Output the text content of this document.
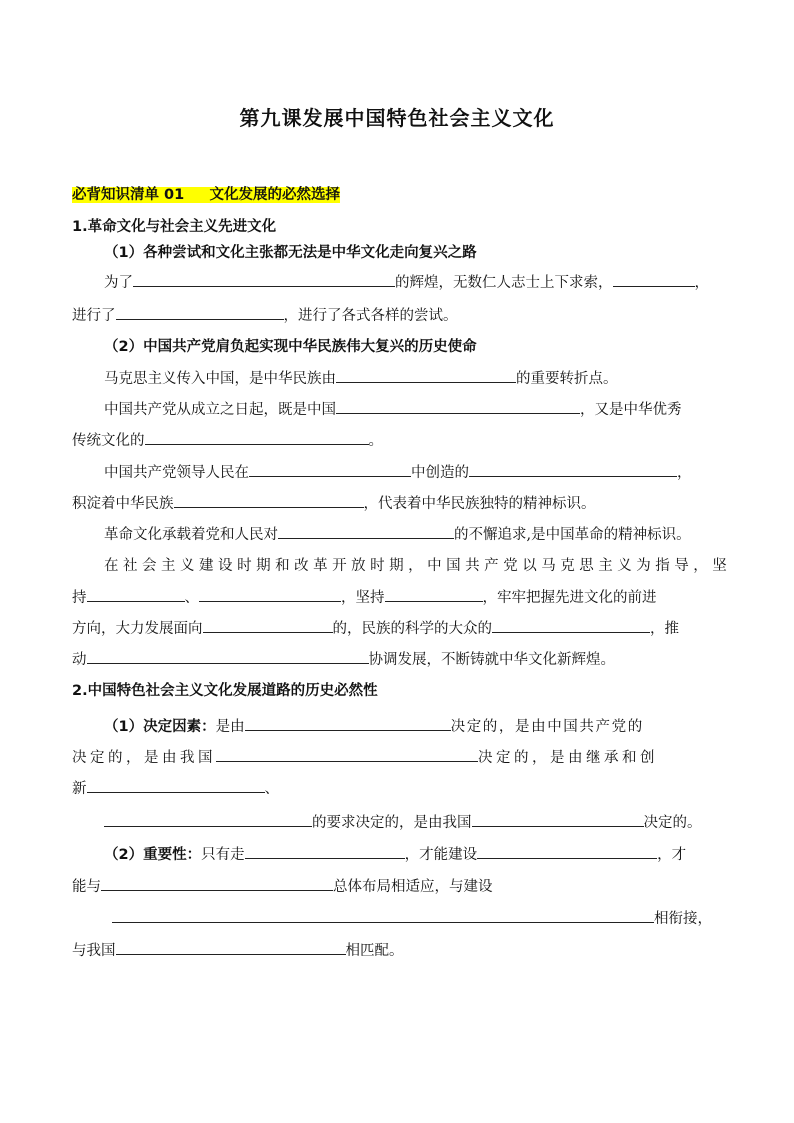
第九课发展中国特色社会主义文化
必背知识清单 01 文化发展的必然选择
1.革命文化与社会主义先进文化
（1）各种尝试和文化主张都无法是中华文化走向复兴之路
为了	的辉煌，无数仁人志士上下求索，	，
进行了	，进行了各式各样的尝试。
（2）中国共产党肩负起实现中华民族伟大复兴的历史使命
马克思主义传入中国，是中华民族由	的重要转折点。
中国共产党从成立之日起，既是中国	，又是中华优秀
传统文化的	。
中国共产党领导人民在	中创造的	，
积淀着中华民族	，代表着中华民族独特的精神标识。
革命文化承载着党和人民对	的不懈追求,是中国革命的精神标识。
在社会主义建设时期和改革开放时期，中国共产党以马克思主义为指导，坚
持	、	，坚持	，牢牢把握先进文化的前进
方向，大力发展面向	的，民族的科学的大众的	，推
动	协调发展，不断铸就中华文化新辉煌。
2.中国特色社会主义文化发展道路的历史必然性
（1）决定因素：是由	决定的，是由中国共产党的
决定的，是由我国	决定的，是由继承和创
新	、
的要求决定的，是由我国	决定的。
（2）重要性：只有走	，才能建设	，才
能与	总体布局相适应，与建设
相衔接，
与我国	相匹配。
